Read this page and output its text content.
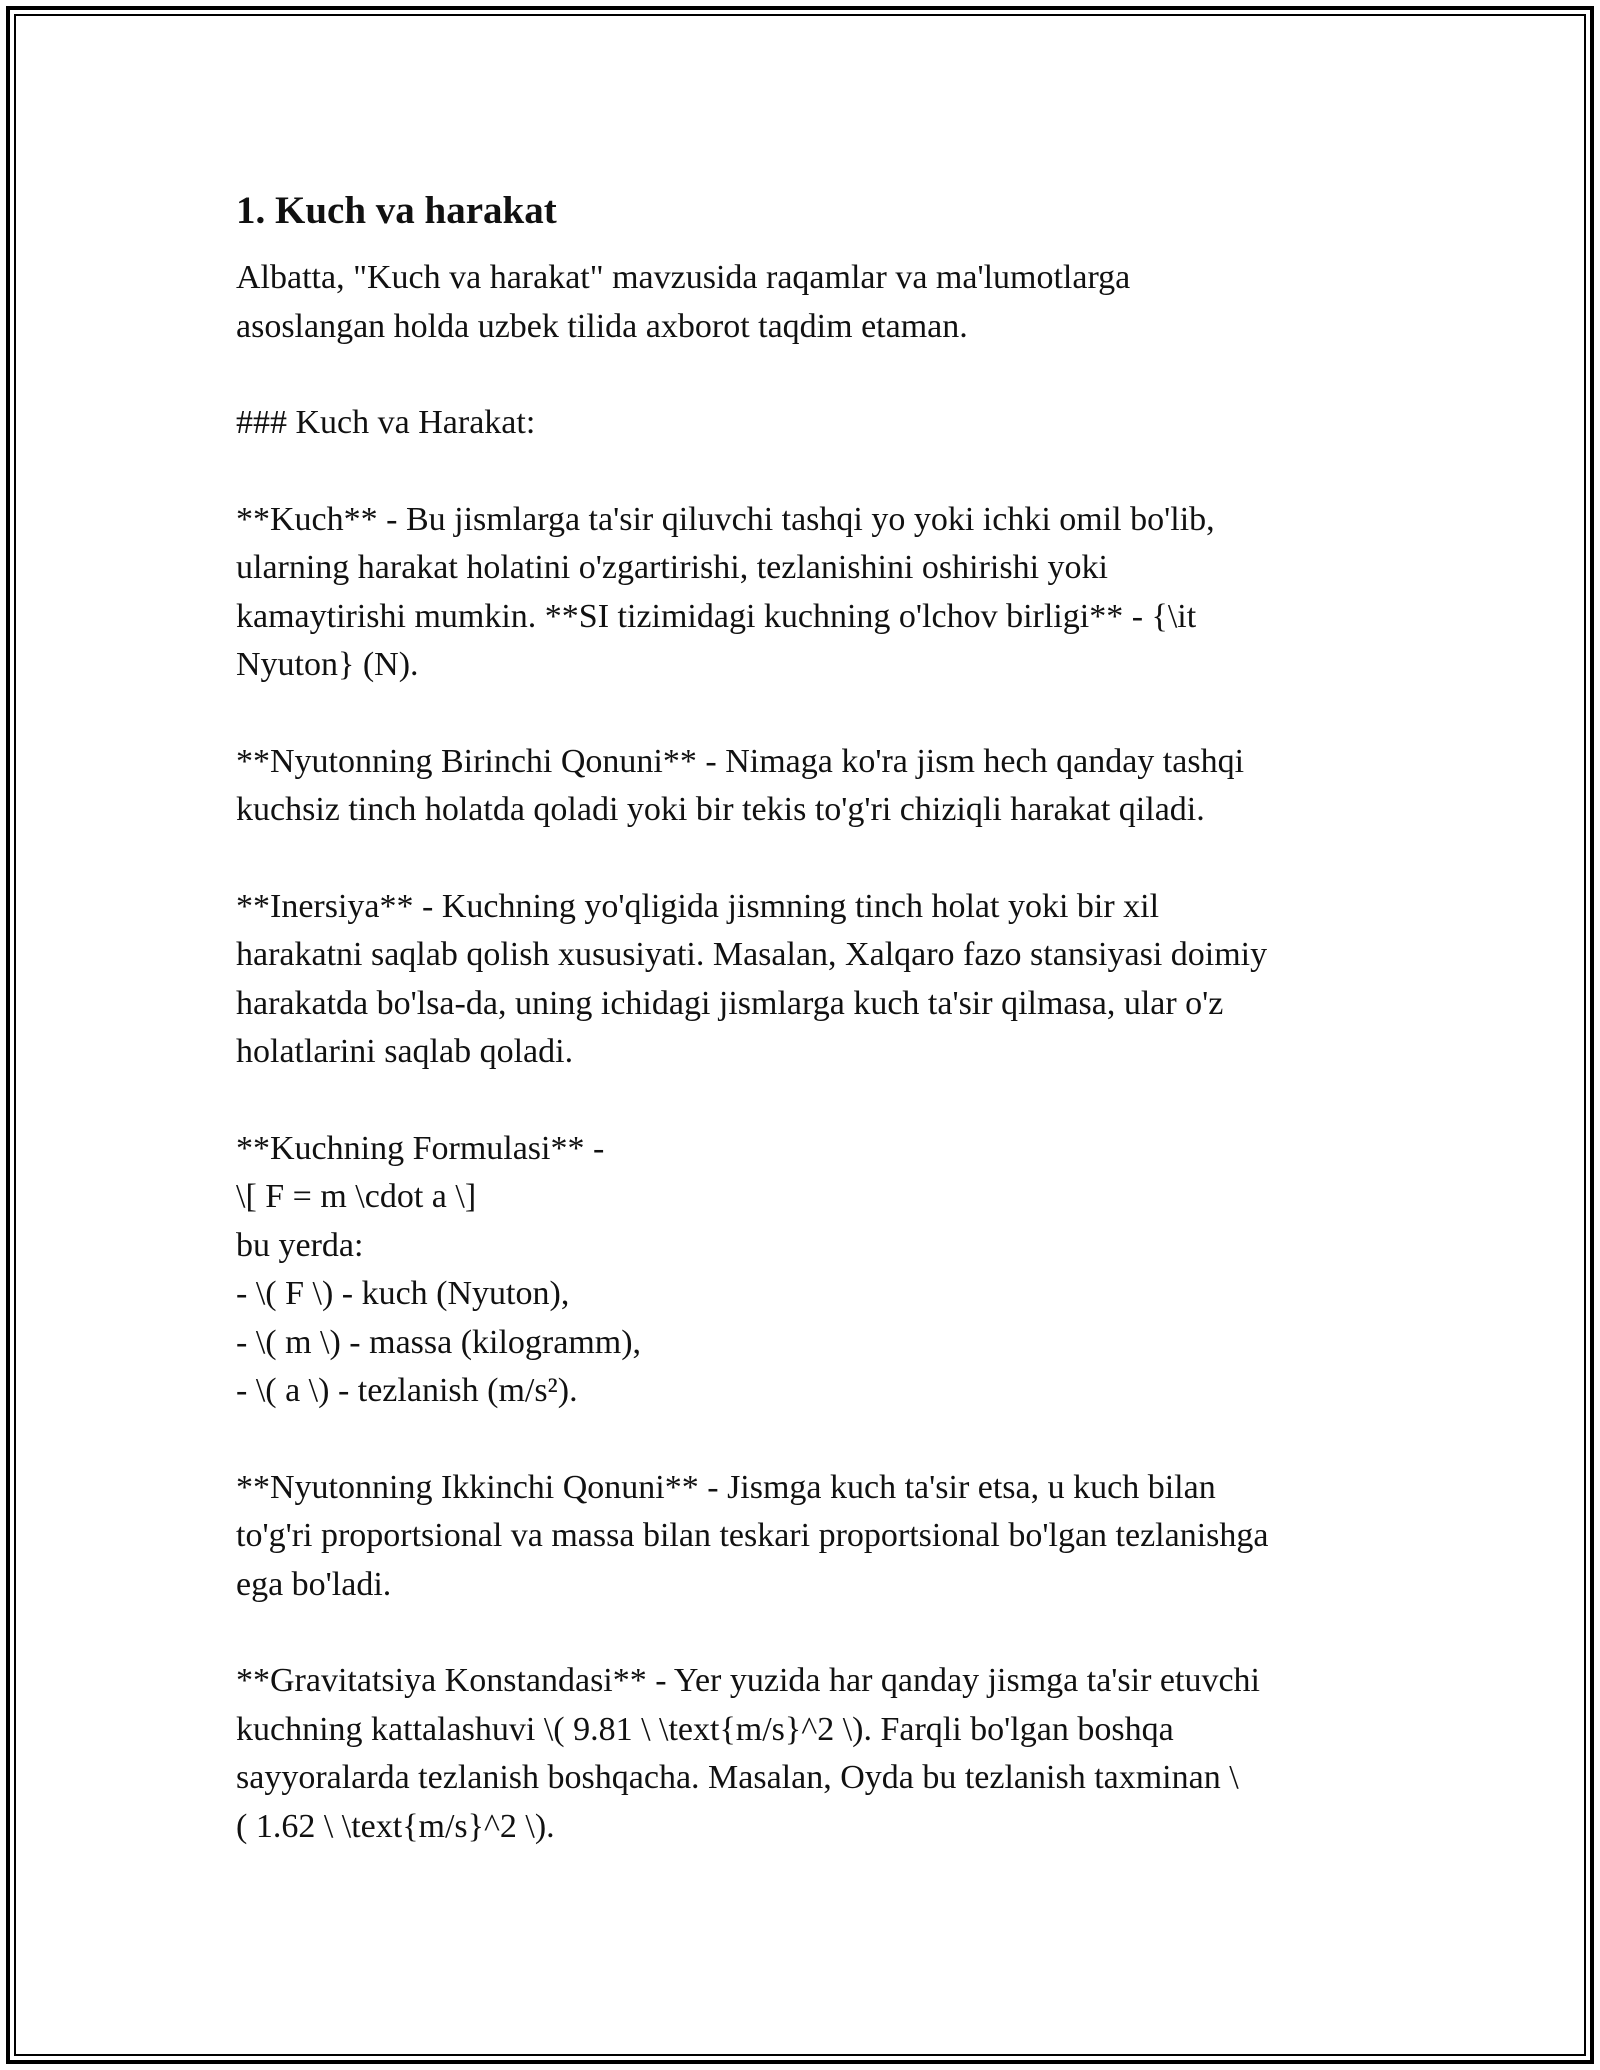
1. Kuch va harakat
Albatta, "Kuch va harakat" mavzusida raqamlar va ma'lumotlarga
asoslangan holda uzbek tilida axborot taqdim etaman.
### Kuch va Harakat:
**Kuch** - Bu jismlarga ta'sir qiluvchi tashqi yo yoki ichki omil bo'lib,
ularning harakat holatini o'zgartirishi, tezlanishini oshirishi yoki
kamaytirishi mumkin. **SI tizimidagi kuchning o'lchov birligi** - {\it
Nyuton} (N).
**Nyutonning Birinchi Qonuni** - Nimaga ko'ra jism hech qanday tashqi
kuchsiz tinch holatda qoladi yoki bir tekis to'g'ri chiziqli harakat qiladi.
**Inersiya** - Kuchning yo'qligida jismning tinch holat yoki bir xil
harakatni saqlab qolish xususiyati. Masalan, Xalqaro fazo stansiyasi doimiy
harakatda bo'lsa-da, uning ichidagi jismlarga kuch ta'sir qilmasa, ular o'z
holatlarini saqlab qoladi.
**Kuchning Formulasi** -
\[ F = m \cdot a \]
bu yerda:
- \( F \) - kuch (Nyuton),
- \( m \) - massa (kilogramm),
- \( a \) - tezlanish (m/s²).
**Nyutonning Ikkinchi Qonuni** - Jismga kuch ta'sir etsa, u kuch bilan
to'g'ri proportsional va massa bilan teskari proportsional bo'lgan tezlanishga
ega bo'ladi.
**Gravitatsiya Konstandasi** - Yer yuzida har qanday jismga ta'sir etuvchi
kuchning kattalashuvi \( 9.81 \ \text{m/s}^2 \). Farqli bo'lgan boshqa
sayyoralarda tezlanish boshqacha. Masalan, Oyda bu tezlanish taxminan \
( 1.62 \ \text{m/s}^2 \).
